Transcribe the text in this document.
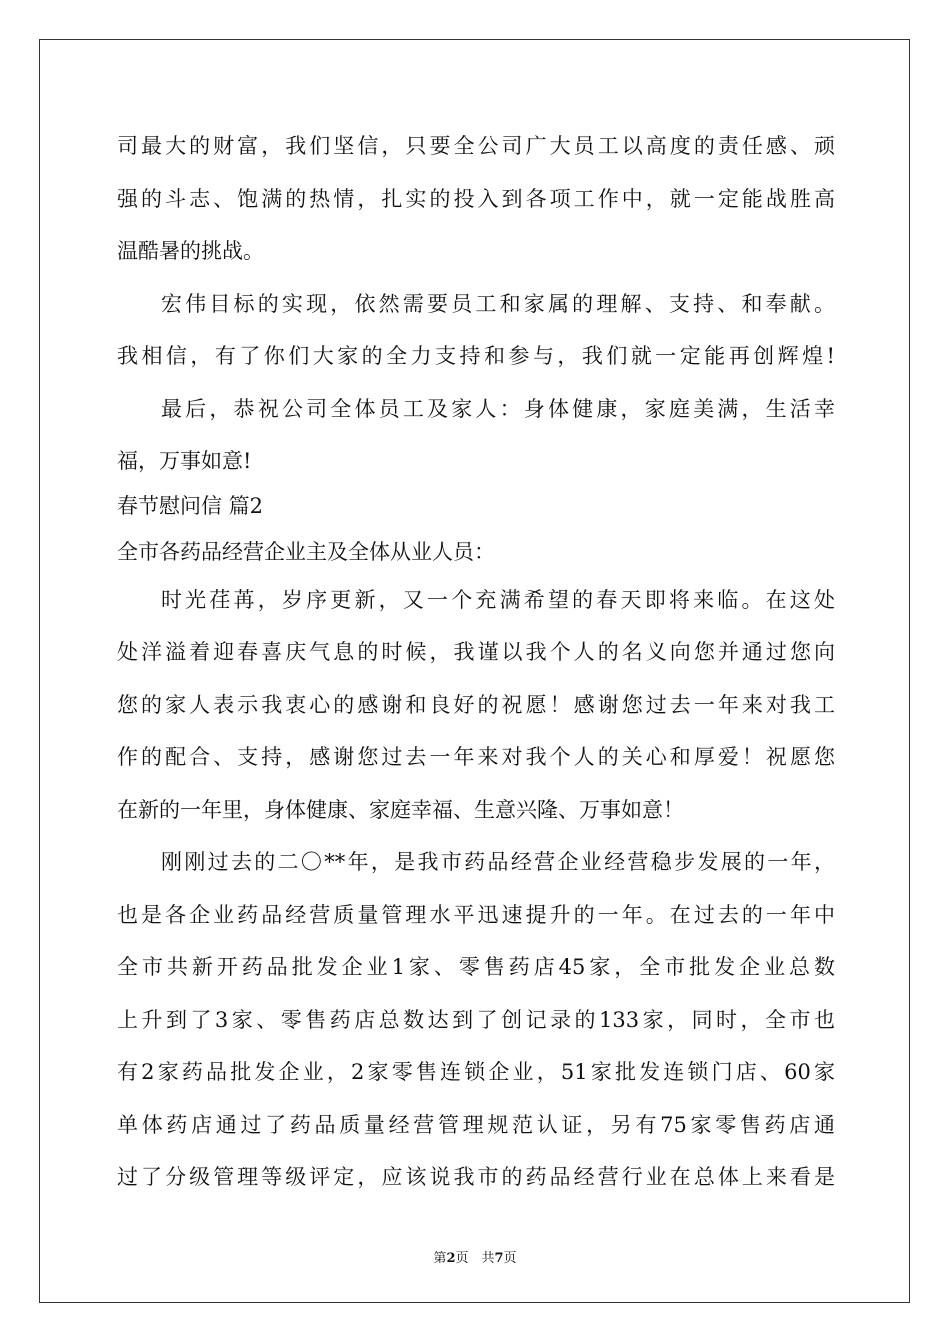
司最大的财富，我们坚信，只要全公司广大员工以高度的责任感、顽
强的斗志、饱满的热情，扎实的投入到各项工作中，就一定能战胜高
温酷暑的挑战。
宏伟目标的实现，依然需要员工和家属的理解、支持、和奉献。
我相信，有了你们大家的全力支持和参与，我们就一定能再创辉煌!
最后，恭祝公司全体员工及家人：身体健康，家庭美满，生活幸
福，万事如意!
春节慰问信 篇2
全市各药品经营企业主及全体从业人员：
时光荏苒，岁序更新，又一个充满希望的春天即将来临。在这处
处洋溢着迎春喜庆气息的时候，我谨以我个人的名义向您并通过您向
您的家人表示我衷心的感谢和良好的祝愿！感谢您过去一年来对我工
作的配合、支持，感谢您过去一年来对我个人的关心和厚爱！祝愿您
在新的一年里，身体健康、家庭幸福、生意兴隆、万事如意！
刚刚过去的二〇**年，是我市药品经营企业经营稳步发展的一年，
也是各企业药品经营质量管理水平迅速提升的一年。在过去的一年中
全市共新开药品批发企业1家、零售药店45家，全市批发企业总数
上升到了3家、零售药店总数达到了创记录的133家，同时，全市也
有2家药品批发企业，2家零售连锁企业，51家批发连锁门店、60家
单体药店通过了药品质量经营管理规范认证，另有75家零售药店通
过了分级管理等级评定，应该说我市的药品经营行业在总体上来看是
第2页　共7页
